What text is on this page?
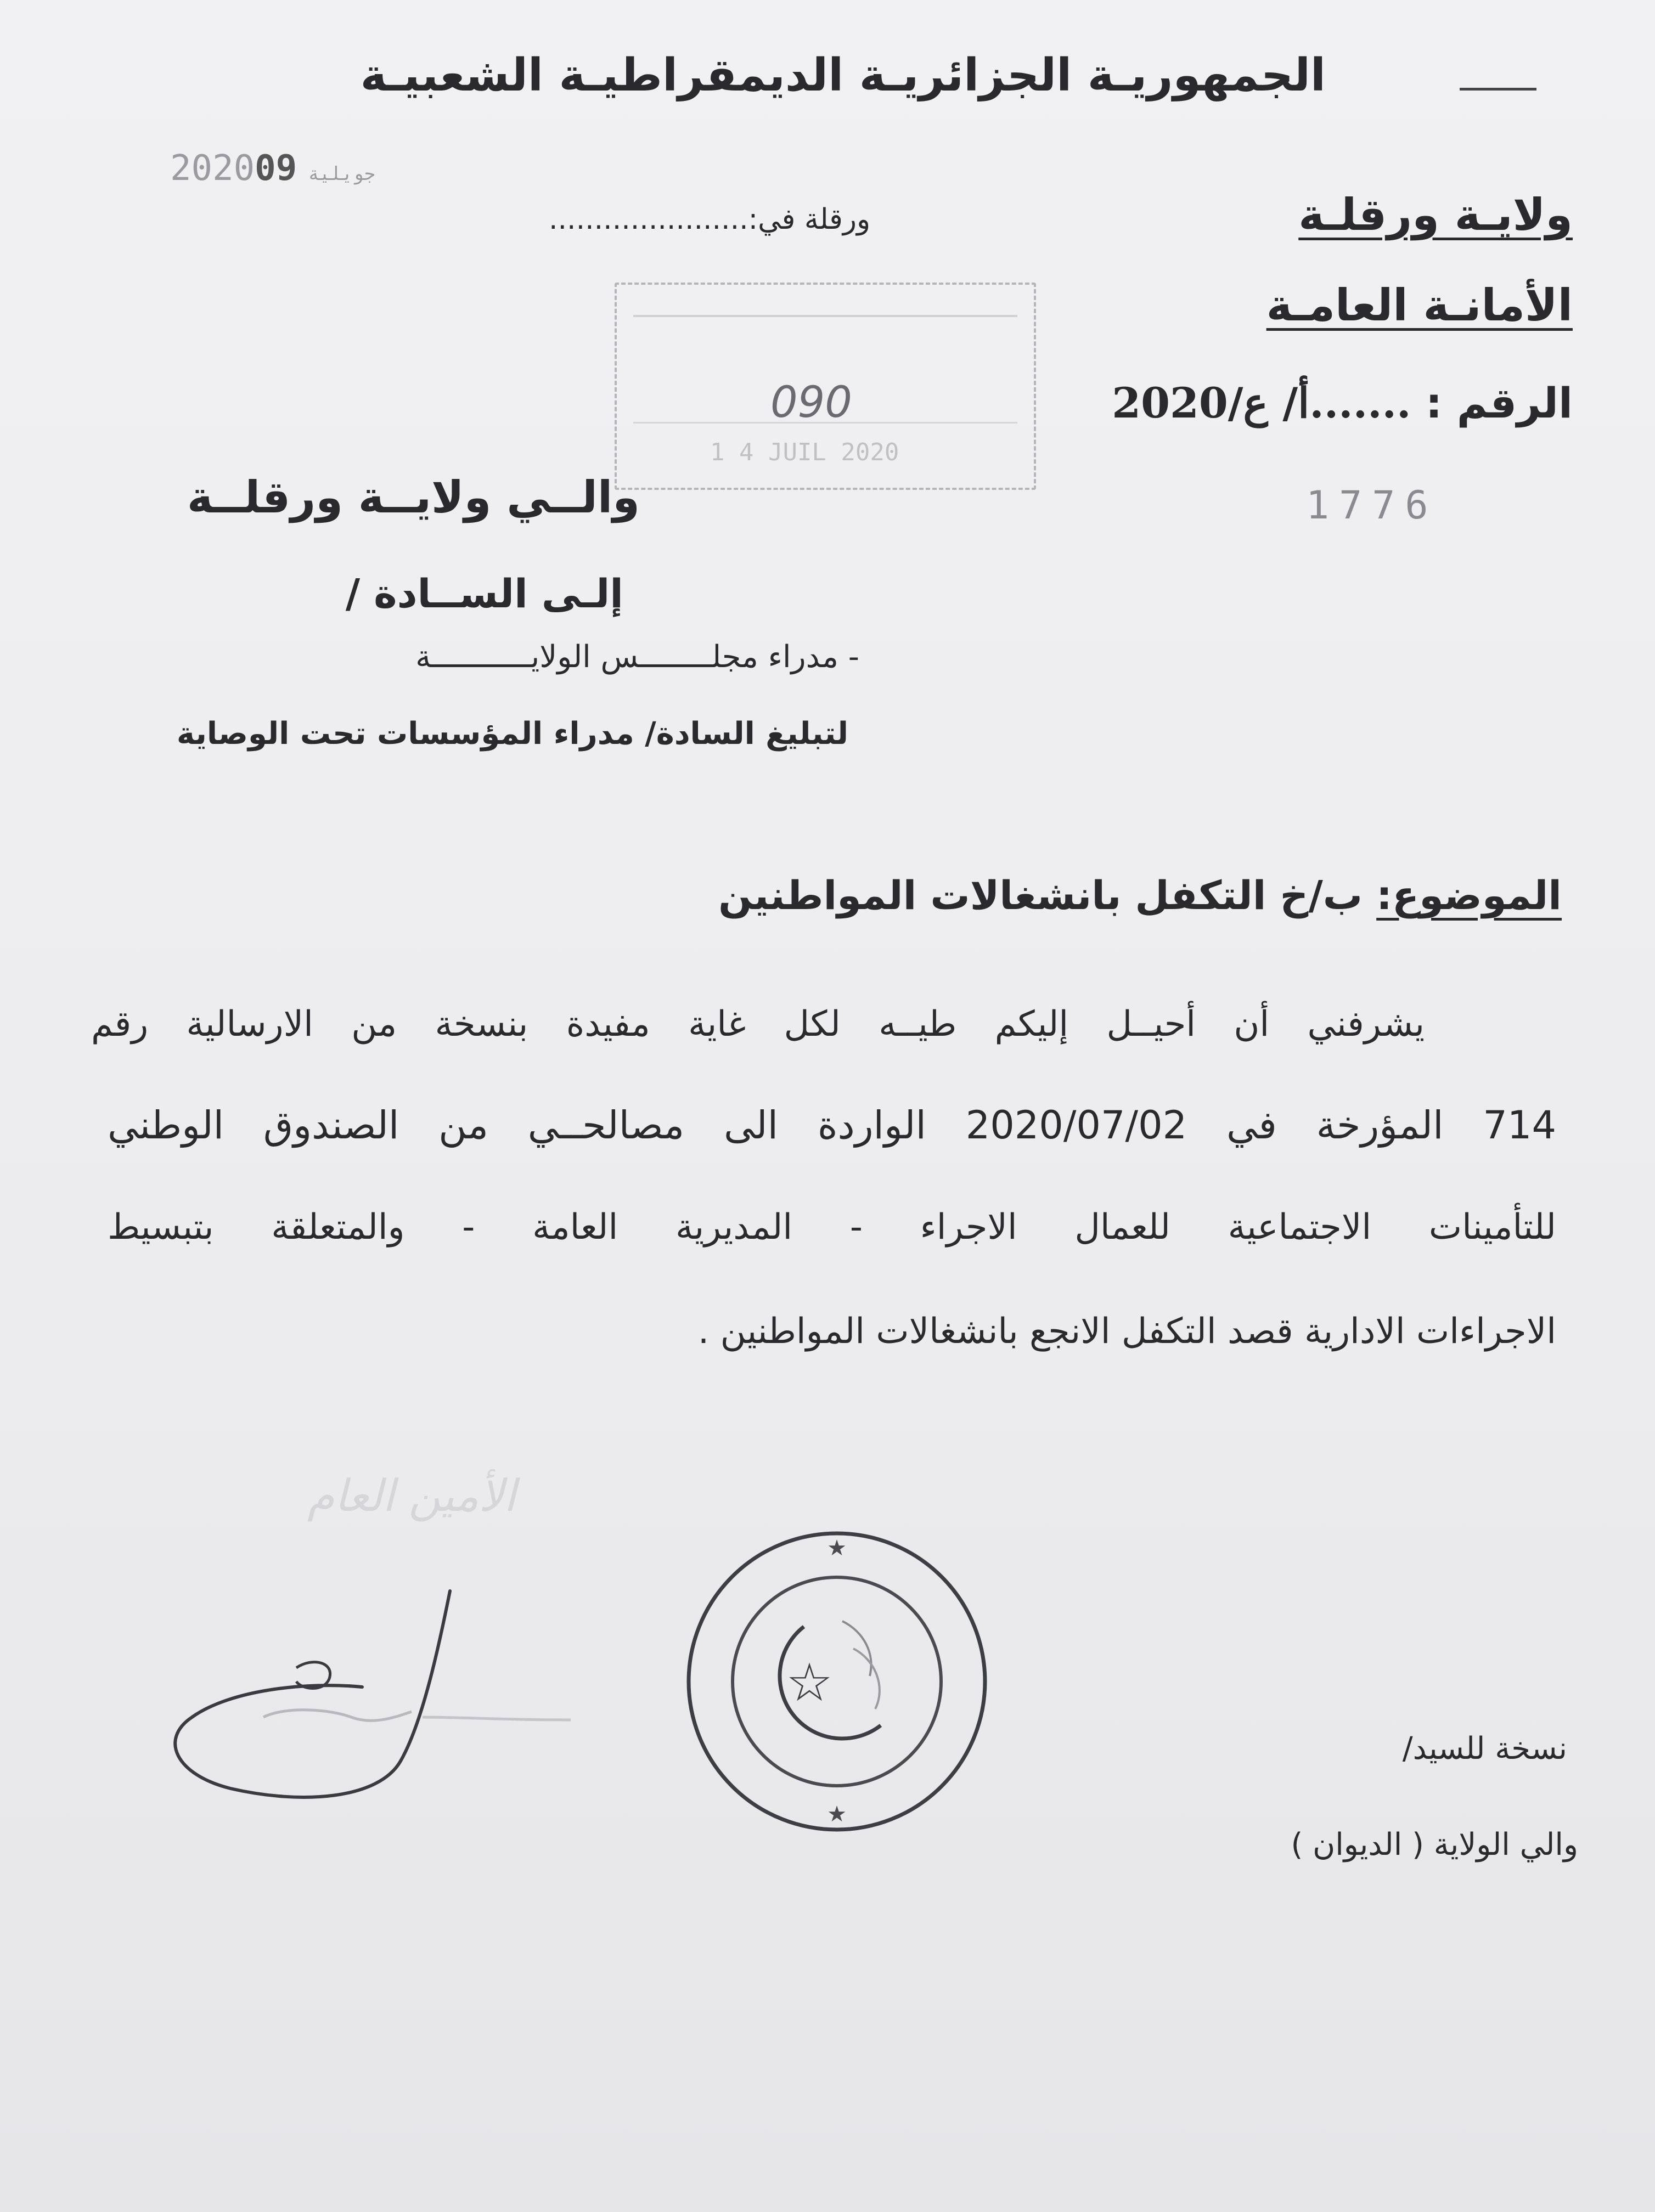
الجمهوريـة الجزائريـة الديمقراطيـة الشعبيـة
2020	جويلية09
ورقلة في:......................	ولايـة ورقلـة
الأمانـة العامـة
الرقم : .......أ/ ع/2020
090
1 4 JUIL 2020
1776
والــي ولايــة ورقلــة
إلـى الســادة /
- مدراء مجلــــــــس الولايـــــــــــة
لتبليغ السادة/ مدراء المؤسسات تحت الوصاية
الموضوع: ب/خ التكفل بانشغالات المواطنين
يشرفني أن أحيــل إليكم طيــه لكل غاية مفيدة بنسخة من الارسالية رقم
714 المؤرخة في 2020/07/02 الواردة الى مصالحــي من الصندوق الوطني
للتأمينات الاجتماعية للعمال الاجراء - المديرية العامة - والمتعلقة بتبسيط
الاجراءات الادارية قصد التكفل الانجع بانشغالات المواطنين .
الأمين العام
★
★
☆
نسخة للسيد/
والي الولاية ( الديوان )
